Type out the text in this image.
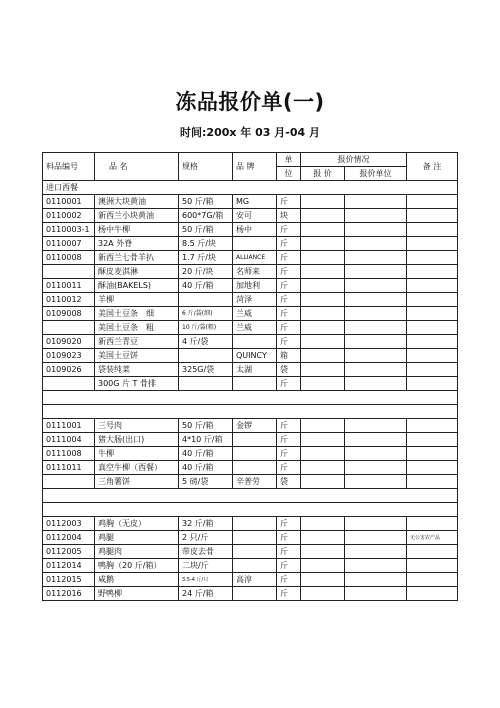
冻品报价单(一)
时间:200x 年 03 月-04 月
料品编号	品 名	规格	品 牌	单	报价情况		备 注
				位	报 价	报价单位	
进口西餐							
0110001	澳洲大块黄油	50 斤/箱	MG	斤			
0110002	新西兰小块黄油	600*7G/箱	安可	块			
0110003-1	杨中牛柳	50 斤/箱	杨中	斤			
0110007	32A 外脊	8.5 斤/块		斤			
0110008	新西兰七骨羊扒	1.7 斤/块	ALLIANCE	斤			
	酥皮麦淇淋	20 斤/块	名师来	斤			
0110011	酥油(BAKELS)	40 斤/箱	加地利	斤			
0110012	羊柳		菏泽	斤			
0109008	美国土豆条　细	6 斤/袋(细)	兰威	斤			
	美国土豆条　粗	10 斤/袋(粗)	兰威	斤			
0109020	新西兰青豆	4 斤/袋		斤			
0109023	美国土豆饼		QUINCY	箱			
0109026	袋装纯菜	325G/袋	太湖	袋			
	300G 片 T 骨排			斤			

0111001	三号肉	50 斤/箱	金锣	斤			
0111004	猪大肠(出口)	4*10 斤/箱		斤			
0111008	牛柳	40 斤/箱		斤			
0111011	真空牛柳（西餐）	40 斤/箱		斤			
	三角薯饼	5 磅/袋	辛普劳	袋			

0112003	鸡胸（无皮）	32 斤/箱		斤			
0112004	鸡腿	2 只/斤		斤			无公害农产品
0112005	鸡腿肉	带皮去骨		斤			
0112014	鸭胸（20 斤/箱）	二块/斤		斤			
0112015	咸鹅	3.5-4 斤/只	高淳	斤			
0112016	野鸭柳	24 斤/箱		斤			
